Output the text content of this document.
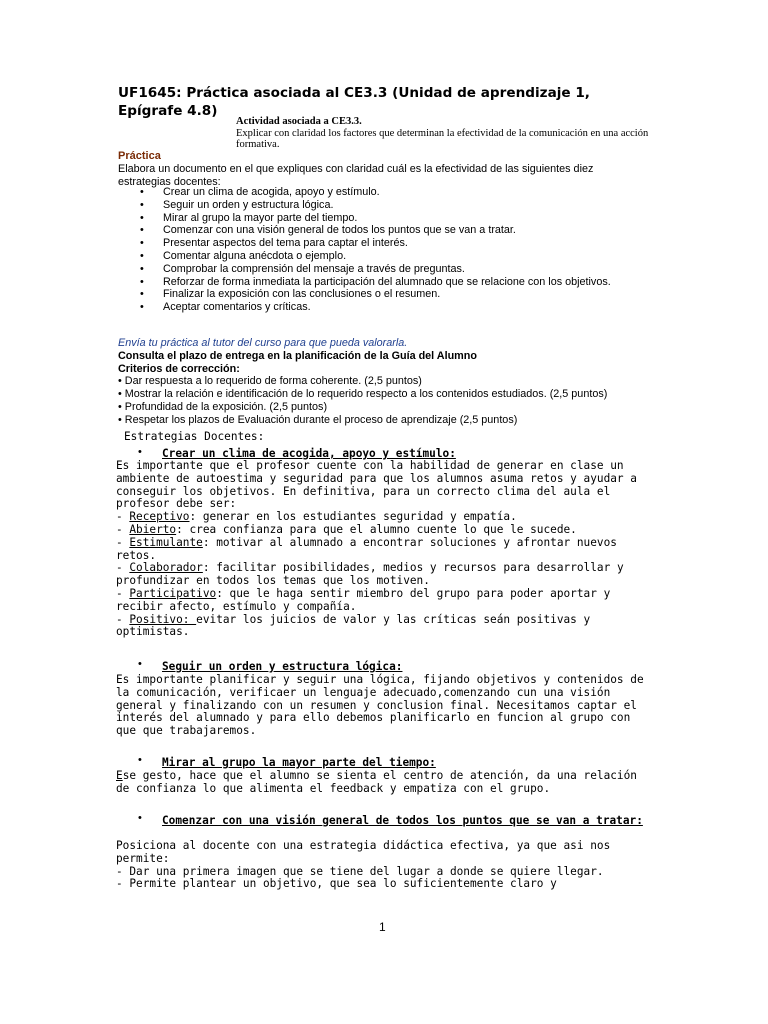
UF1645: Práctica asociada al CE3.3 (Unidad de aprendizaje 1, Epígrafe 4.8)
Actividad asociada a CE3.3.
Explicar con claridad los factores que determinan la efectividad de la comunicación en una acción formativa.
Práctica
Elabora un documento en el que expliques con claridad cuál es la efectividad de las siguientes diez estrategias docentes:
• Crear un clima de acogida, apoyo y estímulo.
• Seguir un orden y estructura lógica.
• Mirar al grupo la mayor parte del tiempo.
• Comenzar con una visión general de todos los puntos que se van a tratar.
• Presentar aspectos del tema para captar el interés.
• Comentar alguna anécdota o ejemplo.
• Comprobar la comprensión del mensaje a través de preguntas.
• Reforzar de forma inmediata la participación del alumnado que se relacione con los objetivos.
• Finalizar la exposición con las conclusiones o el resumen.
• Aceptar comentarios y críticas.
Envía tu práctica al tutor del curso para que pueda valorarla.
Consulta el plazo de entrega en la planificación de la Guía del Alumno
Criterios de corrección:
• Dar respuesta a lo requerido de forma coherente. (2,5 puntos)
• Mostrar la relación e identificación de lo requerido respecto a los contenidos estudiados. (2,5 puntos)
• Profundidad de la exposición. (2,5 puntos)
• Respetar los plazos de Evaluación durante el proceso de aprendizaje (2,5 puntos)
Estrategias Docentes:
• Crear un clima de acogida, apoyo y estímulo:
Es importante que el profesor cuente con la habilidad de generar en clase un ambiente de autoestima y seguridad para que los alumnos asuma retos y ayudar a conseguir los objetivos. En definitiva, para un correcto clima del aula el profesor debe ser:
- Receptivo: generar en los estudiantes seguridad y empatía.
- Abierto: crea confianza para que el alumno cuente lo que le sucede.
- Estimulante: motivar al alumnado a encontrar soluciones y afrontar nuevos retos.
- Colaborador: facilitar posibilidades, medios y recursos para desarrollar y profundizar en todos los temas que los motiven.
- Participativo: que le haga sentir miembro del grupo para poder aportar y recibir afecto, estímulo y compañía.
- Positivo: evitar los juicios de valor y las críticas seán positivas y optimistas.
• Seguir un orden y estructura lógica:
Es importante planificar y seguir una lógica, fijando objetivos y contenidos de la comunicación, verificaer un lenguaje adecuado,comenzando cun una visión general y finalizando con un resumen y conclusion final. Necesitamos captar el interés del alumnado y para ello debemos planificarlo en funcion al grupo con que que trabajaremos.
• Mirar al grupo la mayor parte del tiempo:
Ese gesto, hace que el alumno se sienta el centro de atención, da una relación de confianza lo que alimenta el feedback y empatiza con el grupo.
• Comenzar con una visión general de todos los puntos que se van a tratar:
Posiciona al docente con una estrategia didáctica efectiva, ya que asi nos permite:
- Dar una primera imagen que se tiene del lugar a donde se quiere llegar.
- Permite plantear un objetivo, que sea lo suficientemente claro y
1
